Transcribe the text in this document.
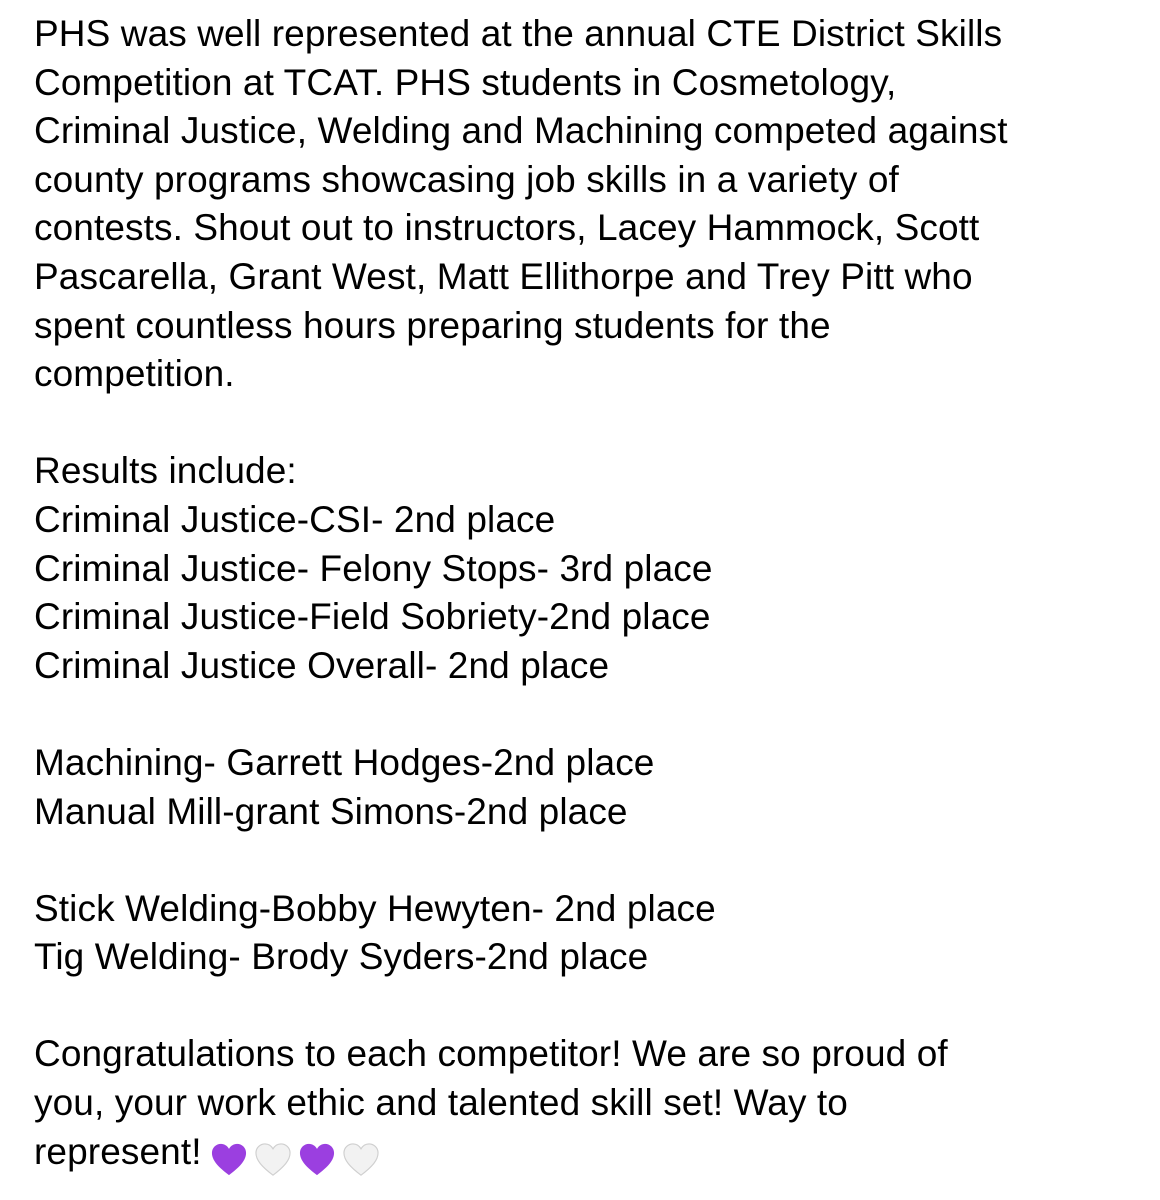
PHS was well represented at the annual CTE District Skills
Competition at TCAT. PHS students in Cosmetology,
Criminal Justice, Welding and Machining competed against
county programs showcasing job skills in a variety of
contests. Shout out to instructors, Lacey Hammock, Scott
Pascarella, Grant West, Matt Ellithorpe and Trey Pitt who
spent countless hours preparing students for the
competition.
Results include:
Criminal Justice-CSI- 2nd place
Criminal Justice- Felony Stops- 3rd place
Criminal Justice-Field Sobriety-2nd place
Criminal Justice Overall- 2nd place
Machining- Garrett Hodges-2nd place
Manual Mill-grant Simons-2nd place
Stick Welding-Bobby Hewyten- 2nd place
Tig Welding- Brody Syders-2nd place
Congratulations to each competitor! We are so proud of
you, your work ethic and talented skill set! Way to
represent!
